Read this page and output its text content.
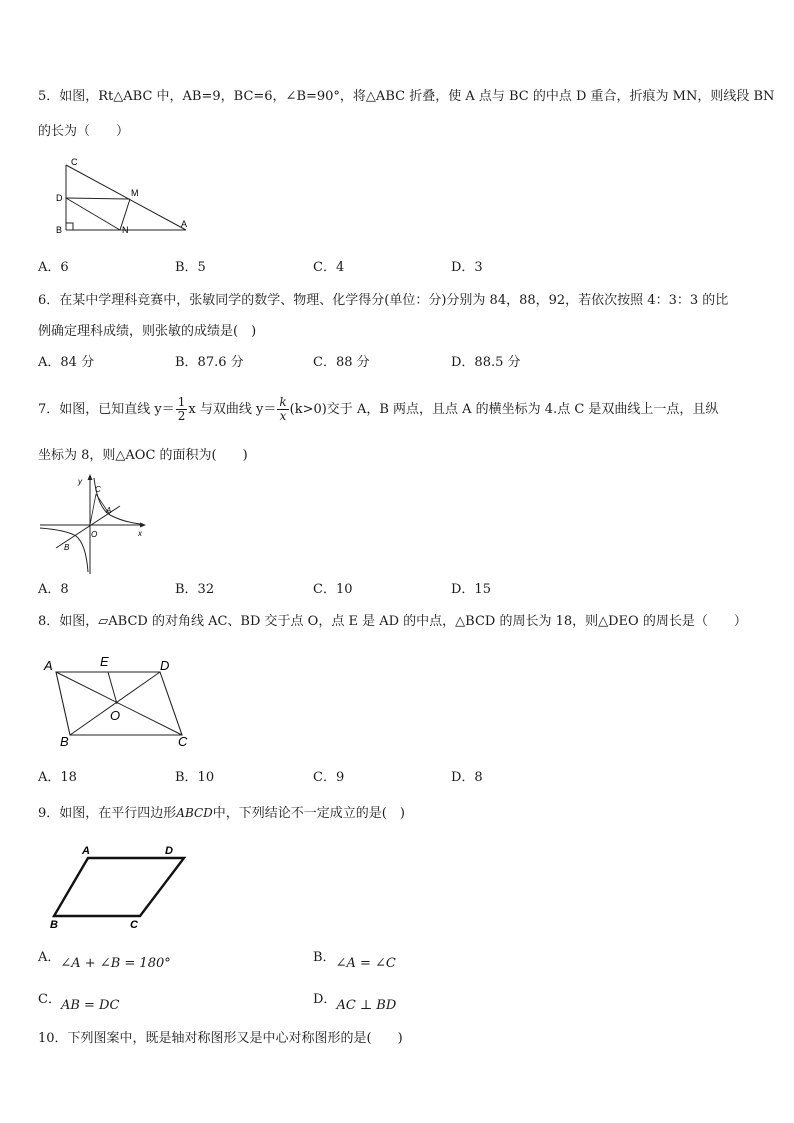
5．如图，Rt△ABC 中，AB=9，BC=6，∠B=90°，将△ABC 折叠，使 A 点与 BC 的中点 D 重合，折痕为 MN，则线段 BN
的长为（　　）
C
D	M
B	N
A
A．6	B．5	C．4	D．3
6．在某中学理科竞赛中，张敏同学的数学、物理、化学得分(单位：分)分别为 84，88，92，若依次按照 4：3：3 的比
例确定理科成绩，则张敏的成绩是(　)
A．84 分	B．87.6 分	C．88 分	D．88.5 分
7．如图，已知直线 $y= \frac{1}{2}$ x 与双曲线 $y= \frac{k}{x} (k>0)$交于 A，B 两点，且点 A 的横坐标为 4.点 C 是双曲线上一点，且纵
坐标为 8，则△AOC 的面积为(　　)
y
x
O
A
B
C
A．8	B．32	C．10	D．15
8．如图，▱ABCD 的对角线 AC、BD 交于点 O，点 E 是 AD 的中点，△BCD 的周长为 18，则△DEO 的周长是（　　）
A	E	D
O
B	C
A．18	B．10	C．9	D．8
9．如图，在平行四边形ABCD中，下列结论不一定成立的是(　)
A	D
B	C
A．∠A + ∠B = 180°	B．∠A = ∠C
C．AB = DC	D．AC ⊥ BD
10．下列图案中，既是轴对称图形又是中心对称图形的是(　　)
